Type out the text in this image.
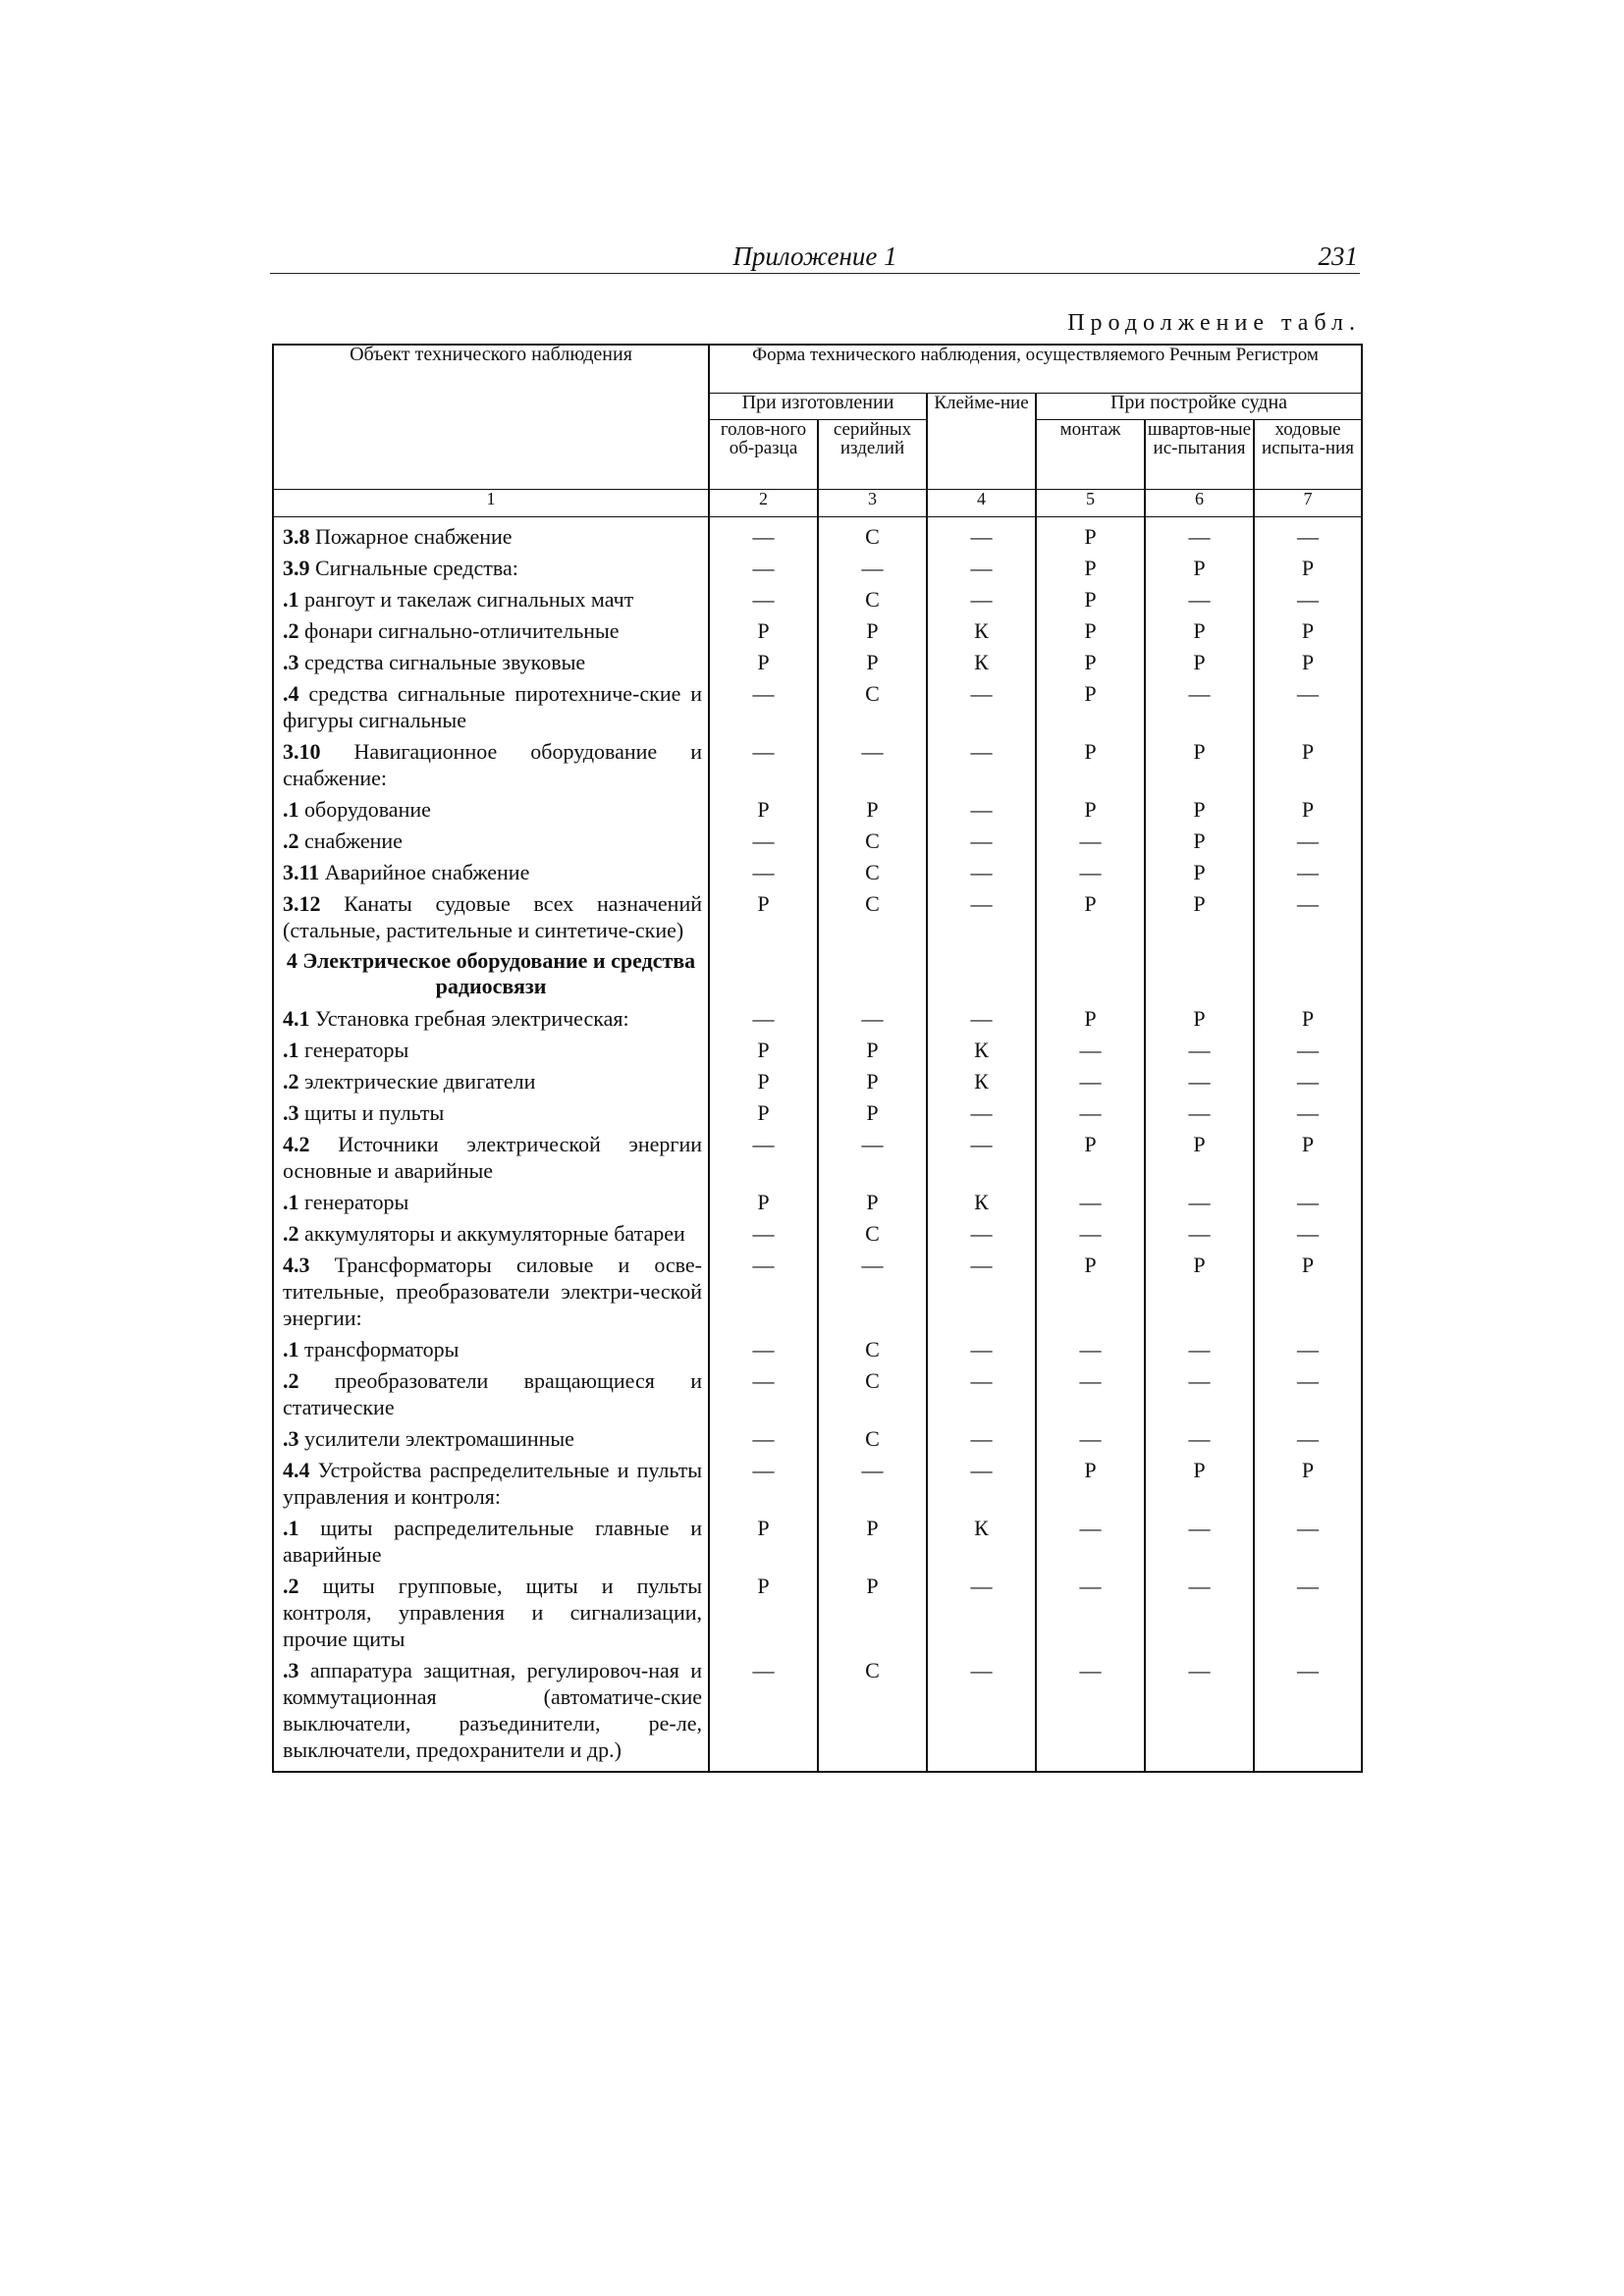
Приложение 1	231
Продолжение табл.
Объект технического наблюдения	Форма технического наблюдения, осуществляемого Речным Регистром					
	При изготовлении		Клейме-ние	При постройке судна		
	голов-ного об-разца	серийных изделий		монтаж	швартов-ные ис-пытания	ходовые испыта-ния
1	2	3	4	5	6	7
3.8 Пожарное снабжение	—	С	—	Р	—	—
3.9 Сигнальные средства:	—	—	—	Р	Р	Р
.1 рангоут и такелаж сигнальных мачт	—	С	—	Р	—	—
.2 фонари сигнально-отличительные	Р	Р	К	Р	Р	Р
.3 средства сигнальные звуковые	Р	Р	К	Р	Р	Р
.4 средства сигнальные пиротехниче-ские и фигуры сигнальные	—	С	—	Р	—	—
3.10 Навигационное оборудование и снабжение:	—	—	—	Р	Р	Р
.1 оборудование	Р	Р	—	Р	Р	Р
.2 снабжение	—	С	—	—	Р	—
3.11 Аварийное снабжение	—	С	—	—	Р	—
3.12 Канаты судовые всех назначений (стальные, растительные и синтетиче-ские)	Р	С	—	Р	Р	—
4 Электрическое оборудование и средства радиосвязи						
4.1 Установка гребная электрическая:	—	—	—	Р	Р	Р
.1 генераторы	Р	Р	К	—	—	—
.2 электрические двигатели	Р	Р	К	—	—	—
.3 щиты и пульты	Р	Р	—	—	—	—
4.2 Источники электрической энергии основные и аварийные	—	—	—	Р	Р	Р
.1 генераторы	Р	Р	К	—	—	—
.2 аккумуляторы и аккумуляторные батареи	—	С	—	—	—	—
4.3 Трансформаторы силовые и осве-тительные, преобразователи электри-ческой энергии:	—	—	—	Р	Р	Р
.1 трансформаторы	—	С	—	—	—	—
.2 преобразователи вращающиеся и статические	—	С	—	—	—	—
.3 усилители электромашинные	—	С	—	—	—	—
4.4 Устройства распределительные и пульты управления и контроля:	—	—	—	Р	Р	Р
.1 щиты распределительные главные и аварийные	Р	Р	К	—	—	—
.2 щиты групповые, щиты и пульты контроля, управления и сигнализации, прочие щиты	Р	Р	—	—	—	—
.3 аппаратура защитная, регулировоч-ная и коммутационная (автоматиче-ские выключатели, разъединители, ре-ле, выключатели, предохранители и др.)	—	С	—	—	—	—
